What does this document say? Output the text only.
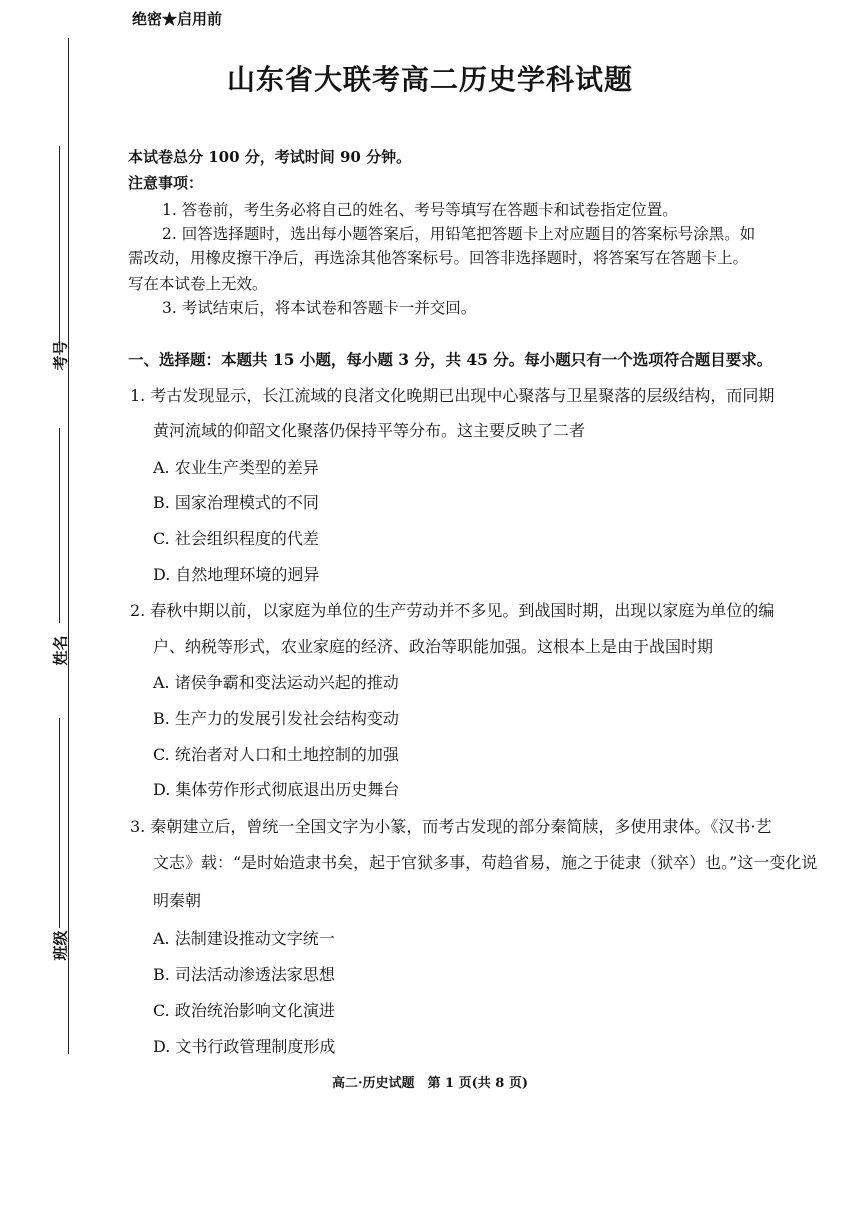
考号
姓名
班级
绝密★启用前
山东省大联考高二历史学科试题
本试卷总分 100 分，考试时间 90 分钟。
注意事项：
1. 答卷前，考生务必将自己的姓名、考号等填写在答题卡和试卷指定位置。
2. 回答选择题时，选出每小题答案后，用铅笔把答题卡上对应题目的答案标号涂黑。如
需改动，用橡皮擦干净后，再选涂其他答案标号。回答非选择题时，将答案写在答题卡上。
写在本试卷上无效。
3. 考试结束后，将本试卷和答题卡一并交回。
一、选择题：本题共 15 小题，每小题 3 分，共 45 分。每小题只有一个选项符合题目要求。
1. 考古发现显示，长江流域的良渚文化晚期已出现中心聚落与卫星聚落的层级结构，而同期
黄河流域的仰韶文化聚落仍保持平等分布。这主要反映了二者
A. 农业生产类型的差异
B. 国家治理模式的不同
C. 社会组织程度的代差
D. 自然地理环境的迥异
2. 春秋中期以前，以家庭为单位的生产劳动并不多见。到战国时期，出现以家庭为单位的编
户、纳税等形式，农业家庭的经济、政治等职能加强。这根本上是由于战国时期
A. 诸侯争霸和变法运动兴起的推动
B. 生产力的发展引发社会结构变动
C. 统治者对人口和土地控制的加强
D. 集体劳作形式彻底退出历史舞台
3. 秦朝建立后，曾统一全国文字为小篆，而考古发现的部分秦简牍，多使用隶体。《汉书·艺
文志》载：“是时始造隶书矣，起于官狱多事，苟趋省易，施之于徒隶（狱卒）也。”这一变化说
明秦朝
A. 法制建设推动文字统一
B. 司法活动渗透法家思想
C. 政治统治影响文化演进
D. 文书行政管理制度形成
高二·历史试题　第 1 页(共 8 页)
